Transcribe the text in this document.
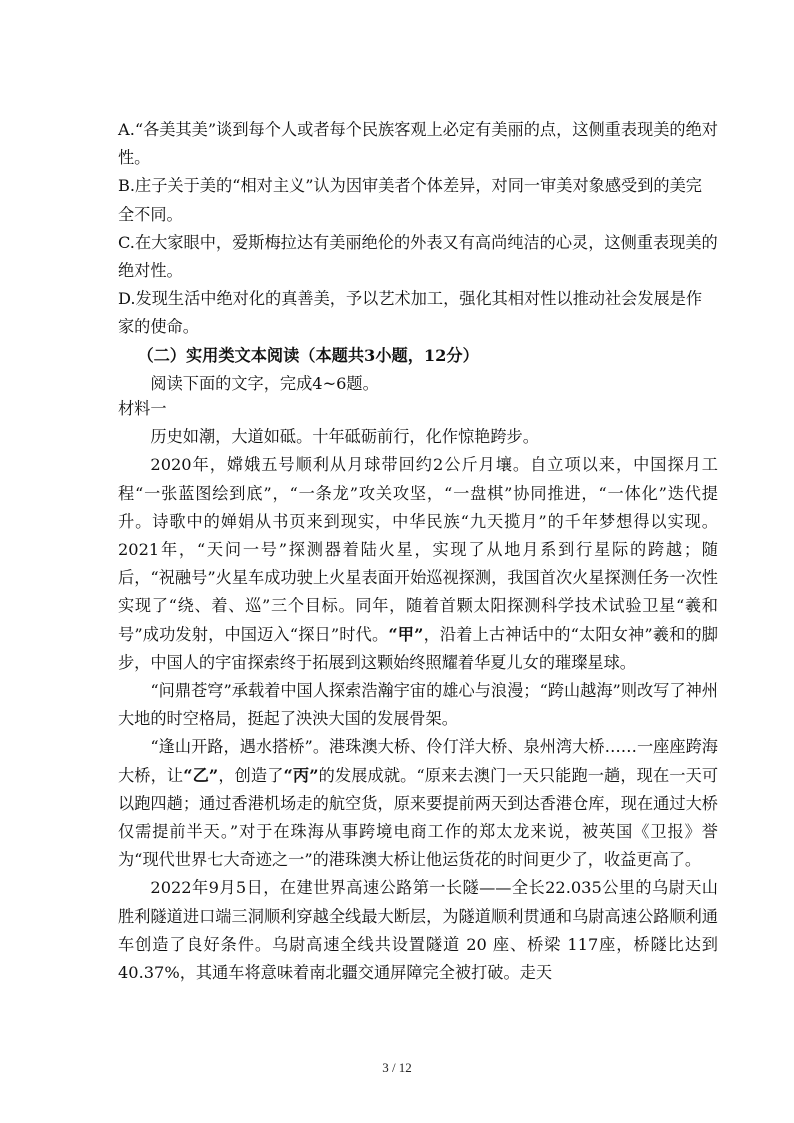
A.“各美其美”谈到每个人或者每个民族客观上必定有美丽的点，这侧重表现美的绝对性。

B.庄子关于美的“相对主义”认为因审美者个体差异，对同一审美对象感受到的美完全不同。

C.在大家眼中，爱斯梅拉达有美丽绝伦的外表又有高尚纯洁的心灵，这侧重表现美的绝对性。

D.发现生活中绝对化的真善美，予以艺术加工，强化其相对性以推动社会发展是作家的使命。

（二）实用类文本阅读（本题共3小题，12分）

阅读下面的文字，完成4~6题。

材料一

历史如潮，大道如砥。十年砥砺前行，化作惊艳跨步。

2020年，嫦娥五号顺利从月球带回约2公斤月壤。自立项以来，中国探月工程“一张蓝图绘到底”，“一条龙”攻关攻坚，“一盘棋”协同推进，“一体化”迭代提升。诗歌中的婵娟从书页来到现实，中华民族“九天揽月”的千年梦想得以实现。2021年，“天问一号”探测器着陆火星，实现了从地月系到行星际的跨越；随后，“祝融号”火星车成功驶上火星表面开始巡视探测，我国首次火星探测任务一次性实现了“绕、着、巡”三个目标。同年，随着首颗太阳探测科学技术试验卫星“羲和号”成功发射，中国迈入“探日”时代。“甲”，沿着上古神话中的“太阳女神”羲和的脚步，中国人的宇宙探索终于拓展到这颗始终照耀着华夏儿女的璀璨星球。

“问鼎苍穹”承载着中国人探索浩瀚宇宙的雄心与浪漫；“跨山越海”则改写了神州大地的时空格局，挺起了泱泱大国的发展骨架。

“逢山开路，遇水搭桥”。港珠澳大桥、伶仃洋大桥、泉州湾大桥……一座座跨海大桥，让“乙”，创造了“丙”的发展成就。“原来去澳门一天只能跑一趟，现在一天可以跑四趟；通过香港机场走的航空货，原来要提前两天到达香港仓库，现在通过大桥仅需提前半天。”对于在珠海从事跨境电商工作的郑太龙来说，被英国《卫报》誉为“现代世界七大奇迹之一”的港珠澳大桥让他运货花的时间更少了，收益更高了。

2022年9月5日，在建世界高速公路第一长隧——全长22.035公里的乌尉天山胜利隧道进口端三洞顺利穿越全线最大断层，为隧道顺利贯通和乌尉高速公路顺利通车创造了良好条件。乌尉高速全线共设置隧道 20 座、桥梁 117座，桥隧比达到 40.37%，其通车将意味着南北疆交通屏障完全被打破。走天

3 / 12
